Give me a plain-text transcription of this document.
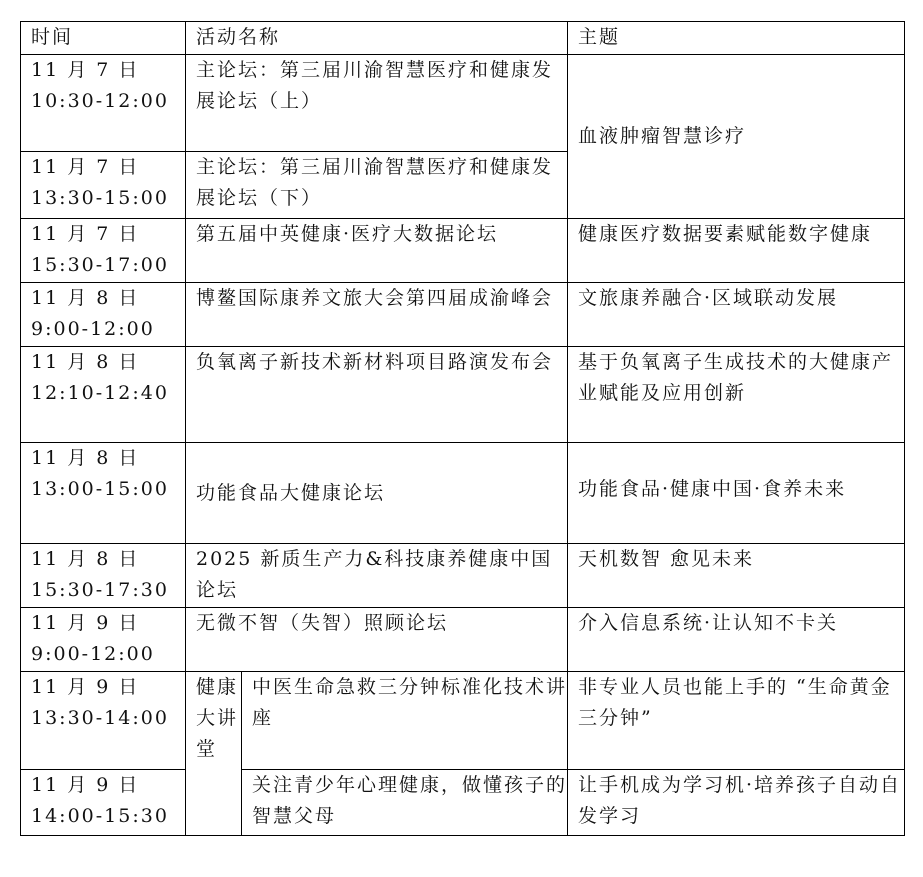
时间	活动名称		主题

11 月 7 日
10:30-12:00	主论坛：第三届川渝智慧医疗和健康发展论坛（上）		血液肿瘤智慧诊疗

11 月 7 日
13:30-15:00	主论坛：第三届川渝智慧医疗和健康发展论坛（下）		

11 月 7 日
15:30-17:00	第五届中英健康·医疗大数据论坛		健康医疗数据要素赋能数字健康

11 月 8 日
9:00-12:00	博鳌国际康养文旅大会第四届成渝峰会		文旅康养融合·区域联动发展

11 月 8 日
12:10-12:40	负氧离子新技术新材料项目路演发布会		基于负氧离子生成技术的大健康产业赋能及应用创新

11 月 8 日
13:00-15:00	功能食品大健康论坛		功能食品·健康中国·食养未来

11 月 8 日
15:30-17:30	2025 新质生产力&科技康养健康中国论坛		天机数智 愈见未来

11 月 9 日
9:00-12:00	无微不智（失智）照顾论坛		介入信息系统·让认知不卡关

11 月 9 日
13:30-14:00	健康大讲堂	中医生命急救三分钟标准化技术讲座	非专业人员也能上手的 “生命黄金三分钟”

11 月 9 日
14:00-15:30		关注青少年心理健康，做懂孩子的智慧父母	让手机成为学习机·培养孩子自动自发学习
